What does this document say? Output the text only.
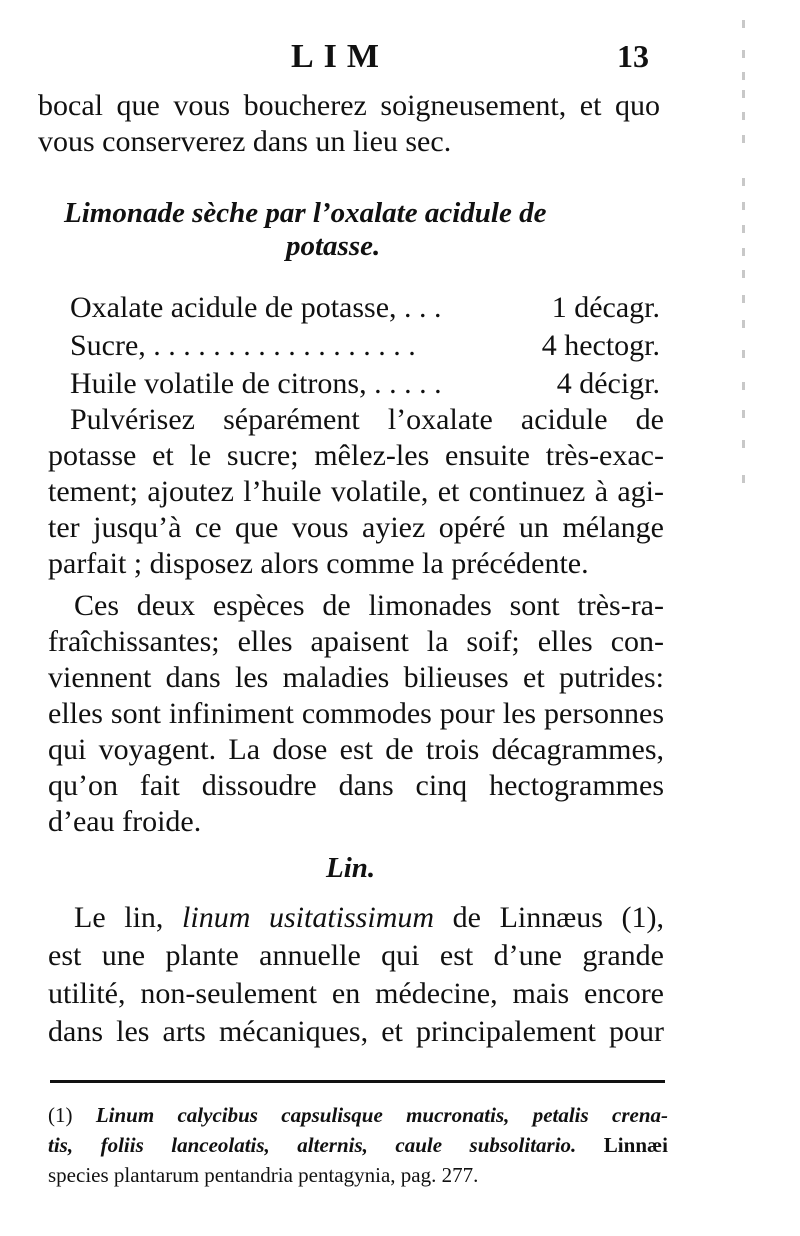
LIM	13
bocal que vous boucherez soigneusement, et quo
vous conserverez dans un lieu sec.
Limonade sèche par l’oxalate acidule de
potasse.
Oxalate acidule de potasse, . . .	1 décagr.
Sucre, . . . . . . . . . . . . . . . . . .	4 hectogr.
Huile volatile de citrons, . . . . .	4 décigr.
Pulvérisez séparément l’oxalate acidule de
potasse et le sucre; mêlez-les ensuite très-exac-
tement; ajoutez l’huile volatile, et continuez à agi-
ter jusqu’à ce que vous ayiez opéré un mélange
parfait ; disposez alors comme la précédente.
Ces deux espèces de limonades sont très-ra-
fraîchissantes; elles apaisent la soif; elles con-
viennent dans les maladies bilieuses et putrides:
elles sont infiniment commodes pour les personnes
qui voyagent. La dose est de trois décagrammes,
qu’on fait dissoudre dans cinq hectogrammes
d’eau froide.
Lin.
Le lin, linum usitatissimum de Linnæus (1),
est une plante annuelle qui est d’une grande
utilité, non-seulement en médecine, mais encore
dans les arts mécaniques, et principalement pour
(1) Linum calycibus capsulisque mucronatis, petalis crena-
tis, foliis lanceolatis, alternis, caule subsolitario. Linnæi
species plantarum pentandria pentagynia, pag. 277.
